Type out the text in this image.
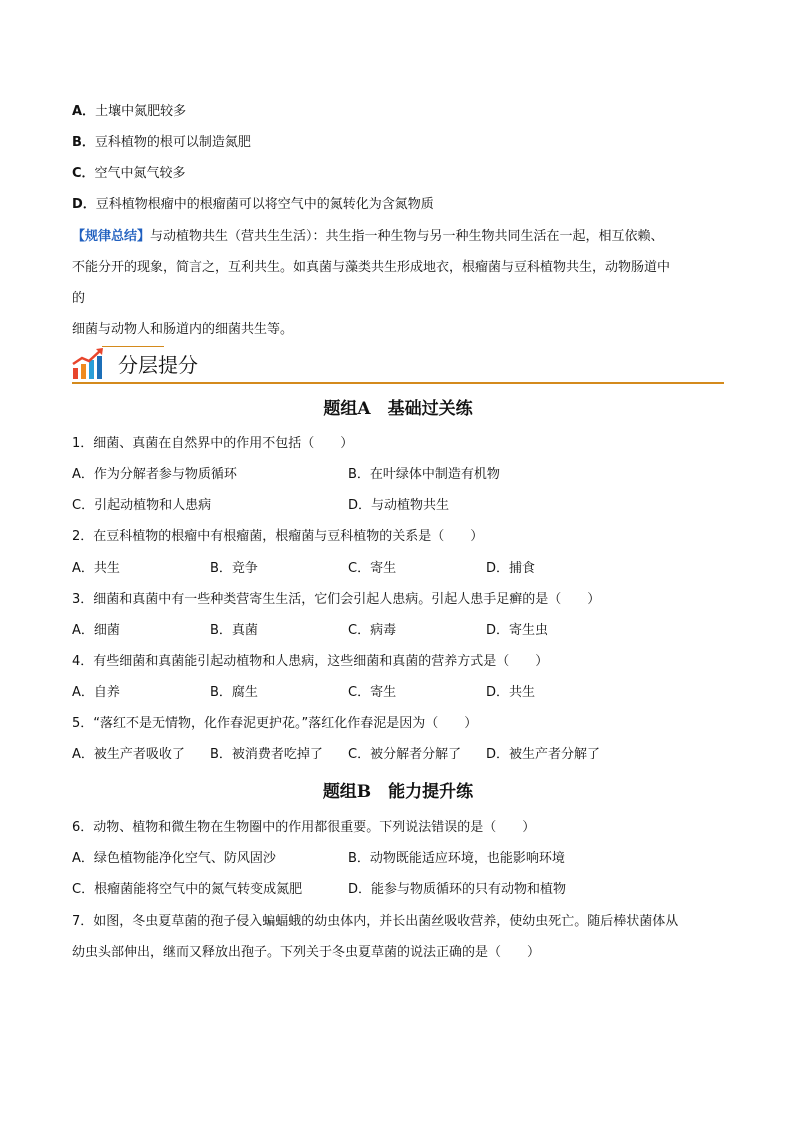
A．土壤中氮肥较多
B．豆科植物的根可以制造氮肥
C．空气中氮气较多
D．豆科植物根瘤中的根瘤菌可以将空气中的氮转化为含氮物质
【规律总结】与动植物共生（营共生生活）：共生指一种生物与另一种生物共同生活在一起，相互依赖、
不能分开的现象，简言之，互利共生。如真菌与藻类共生形成地衣，根瘤菌与豆科植物共生，动物肠道中
的
细菌与动物人和肠道内的细菌共生等。
分层提分
题组A　基础过关练
1．细菌、真菌在自然界中的作用不包括（　　）
A．作为分解者参与物质循环	B．在叶绿体中制造有机物
C．引起动植物和人患病	D．与动植物共生
2．在豆科植物的根瘤中有根瘤菌，根瘤菌与豆科植物的关系是（　　）
A．共生	B．竞争	C．寄生	D．捕食
3．细菌和真菌中有一些种类营寄生生活，它们会引起人患病。引起人患手足癣的是（　　）
A．细菌	B．真菌	C．病毒	D．寄生虫
4．有些细菌和真菌能引起动植物和人患病，这些细菌和真菌的营养方式是（　　）
A．自养	B．腐生	C．寄生	D．共生
5．“落红不是无情物，化作春泥更护花。”落红化作春泥是因为（　　）
A．被生产者吸收了 B．被消费者吃掉了 C．被分解者分解了 D．被生产者分解了
题组B　能力提升练
6．动物、植物和微生物在生物圈中的作用都很重要。下列说法错误的是（　　）
A．绿色植物能净化空气、防风固沙	B．动物既能适应环境，也能影响环境
C．根瘤菌能将空气中的氮气转变成氮肥	D．能参与物质循环的只有动物和植物
7．如图，冬虫夏草菌的孢子侵入蝙蝠蛾的幼虫体内，并长出菌丝吸收营养，使幼虫死亡。随后棒状菌体从
幼虫头部伸出，继而又释放出孢子。下列关于冬虫夏草菌的说法正确的是（　　）
